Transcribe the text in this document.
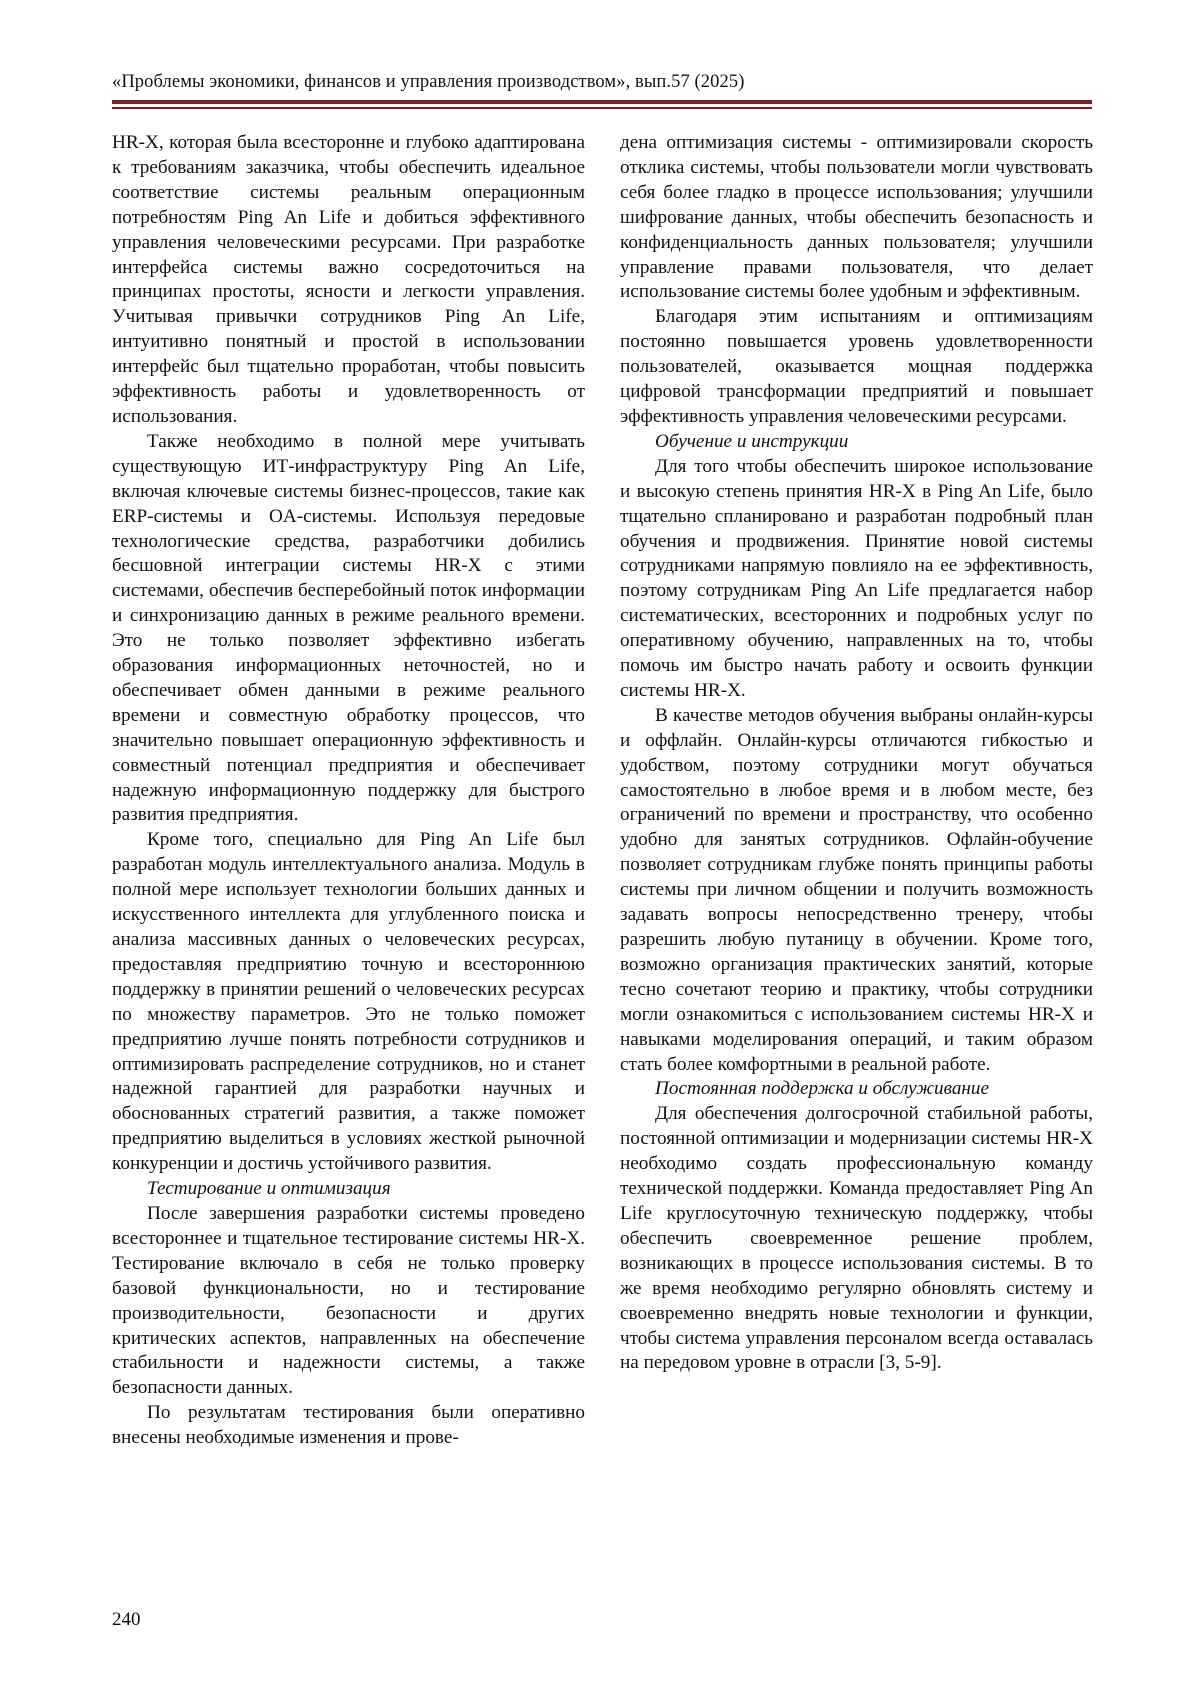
«Проблемы экономики, финансов и управления производством», вып.57 (2025)

HR-X, которая была всесторонне и глубоко адаптирована к требованиям заказчика, чтобы обеспечить идеальное соответствие системы реальным операционным потребностям Ping An Life и добиться эффективного управления человеческими ресурсами. При разработке интерфейса системы важно сосредоточиться на принципах простоты, ясности и легкости управления. Учитывая привычки сотрудников Ping An Life, интуитивно понятный и простой в использовании интерфейс был тщательно проработан, чтобы повысить эффективность работы и удовлетворенность от использования.

Также необходимо в полной мере учитывать существующую ИТ-инфраструктуру Ping An Life, включая ключевые системы бизнес-процессов, такие как ERP-системы и OA-системы. Используя передовые технологические средства, разработчики добились бесшовной интеграции системы HR-X с этими системами, обеспечив бесперебойный поток информации и синхронизацию данных в режиме реального времени. Это не только позволяет эффективно избегать образования информационных неточностей, но и обеспечивает обмен данными в режиме реального времени и совместную обработку процессов, что значительно повышает операционную эффективность и совместный потенциал предприятия и обеспечивает надежную информационную поддержку для быстрого развития предприятия.

Кроме того, специально для Ping An Life был разработан модуль интеллектуального анализа. Модуль в полной мере использует технологии больших данных и искусственного интеллекта для углубленного поиска и анализа массивных данных о человеческих ресурсах, предоставляя предприятию точную и всестороннюю поддержку в принятии решений о человеческих ресурсах по множеству параметров. Это не только поможет предприятию лучше понять потребности сотрудников и оптимизировать распределение сотрудников, но и станет надежной гарантией для разработки научных и обоснованных стратегий развития, а также поможет предприятию выделиться в условиях жесткой рыночной конкуренции и достичь устойчивого развития.

Тестирование и оптимизация

После завершения разработки системы проведено всестороннее и тщательное тестирование системы HR-X. Тестирование включало в себя не только проверку базовой функциональности, но и тестирование производительности, безопасности и других критических аспектов, направленных на обеспечение стабильности и надежности системы, а также безопасности данных.

По результатам тестирования были оперативно внесены необходимые изменения и прове-

дена оптимизация системы - оптимизировали скорость отклика системы, чтобы пользователи могли чувствовать себя более гладко в процессе использования; улучшили шифрование данных, чтобы обеспечить безопасность и конфиденциальность данных пользователя; улучшили управление правами пользователя, что делает использование системы более удобным и эффективным.

Благодаря этим испытаниям и оптимизациям постоянно повышается уровень удовлетворенности пользователей, оказывается мощная поддержка цифровой трансформации предприятий и повышает эффективность управления человеческими ресурсами.

Обучение и инструкции

Для того чтобы обеспечить широкое использование и высокую степень принятия HR-X в Ping An Life, было тщательно спланировано и разработан подробный план обучения и продвижения. Принятие новой системы сотрудниками напрямую повлияло на ее эффективность, поэтому сотрудникам Ping An Life предлагается набор систематических, всесторонних и подробных услуг по оперативному обучению, направленных на то, чтобы помочь им быстро начать работу и освоить функции системы HR-X.

В качестве методов обучения выбраны онлайн-курсы и оффлайн. Онлайн-курсы отличаются гибкостью и удобством, поэтому сотрудники могут обучаться самостоятельно в любое время и в любом месте, без ограничений по времени и пространству, что особенно удобно для занятых сотрудников. Офлайн-обучение позволяет сотрудникам глубже понять принципы работы системы при личном общении и получить возможность задавать вопросы непосредственно тренеру, чтобы разрешить любую путаницу в обучении. Кроме того, возможно организация практических занятий, которые тесно сочетают теорию и практику, чтобы сотрудники могли ознакомиться с использованием системы HR-X и навыками моделирования операций, и таким образом стать более комфортными в реальной работе.

Постоянная поддержка и обслуживание

Для обеспечения долгосрочной стабильной работы, постоянной оптимизации и модернизации системы HR-X необходимо создать профессиональную команду технической поддержки. Команда предоставляет Ping An Life круглосуточную техническую поддержку, чтобы обеспечить своевременное решение проблем, возникающих в процессе использования системы. В то же время необходимо регулярно обновлять систему и своевременно внедрять новые технологии и функции, чтобы система управления персоналом всегда оставалась на передовом уровне в отрасли [3, 5-9].

240
